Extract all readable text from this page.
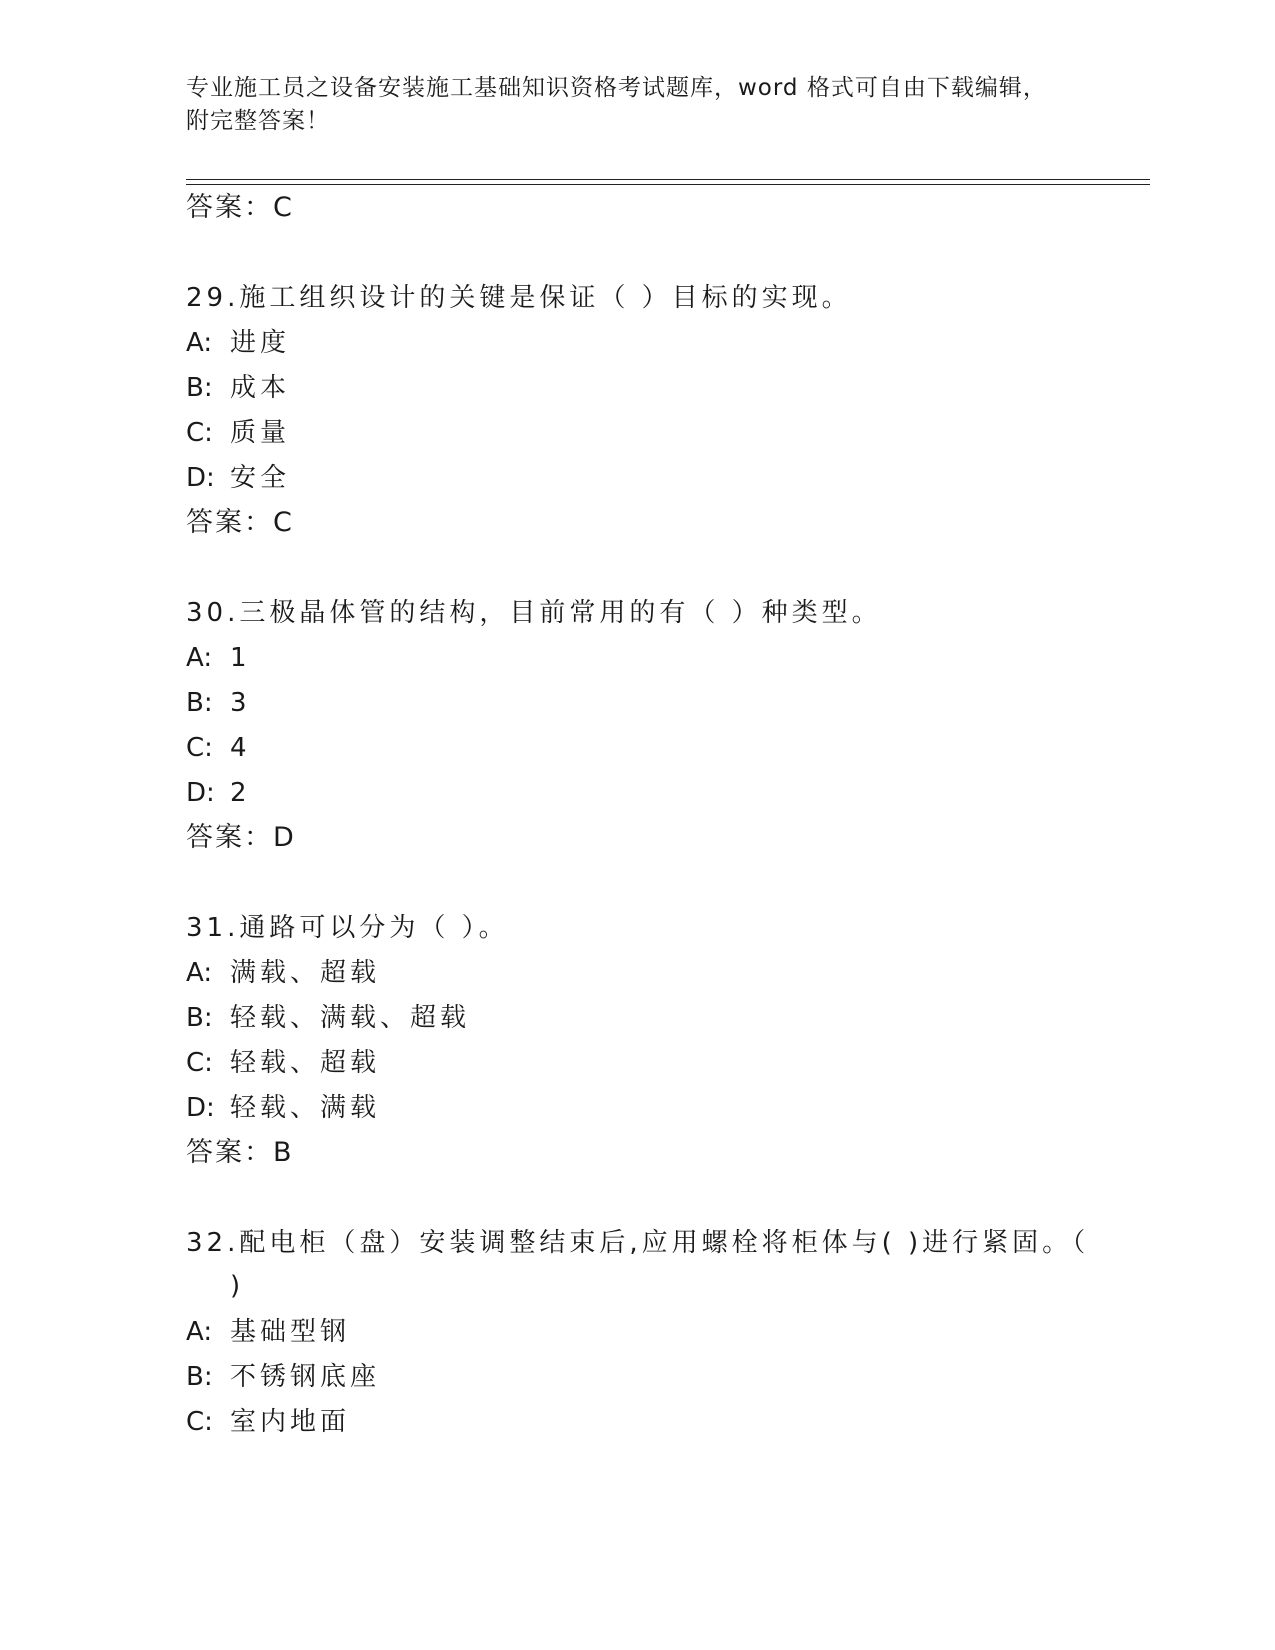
专业施工员之设备安装施工基础知识资格考试题库，word 格式可自由下载编辑，
附完整答案！
答案：C
29.施工组织设计的关键是保证（ ）目标的实现。
A: 进度
B: 成本
C: 质量
D: 安全
答案：C
30.三极晶体管的结构，目前常用的有（ ）种类型。
A: 1
B: 3
C: 4
D: 2
答案：D
31.通路可以分为（ ）。
A: 满载、超载
B: 轻载、满载、超载
C: 轻载、超载
D: 轻载、满载
答案：B
32.配电柜（盘）安装调整结束后,应用螺栓将柜体与( )进行紧固。（
)
A: 基础型钢
B: 不锈钢底座
C: 室内地面
